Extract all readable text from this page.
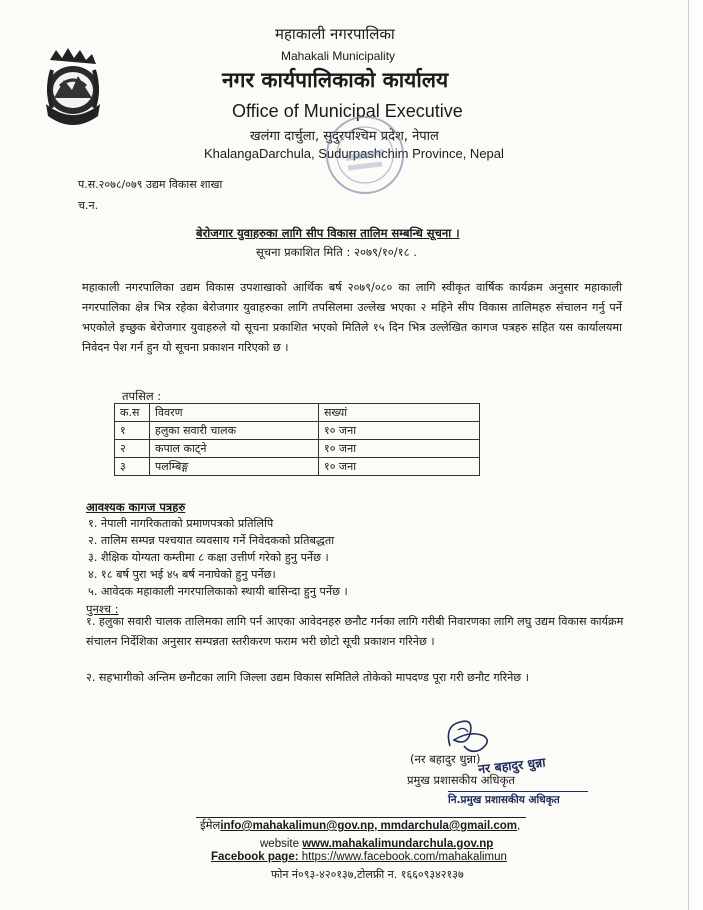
महाकाली नगरपालिका
Mahakali Municipality
नगर कार्यपालिकाको कार्यालय
Office of Municipal Executive
खलंगा दार्चुला, सुदुरपश्चिम प्रदेश, नेपाल
KhalangaDarchula, Sudurpashchim Province, Nepal
प.स.२०७८/०७९ उद्यम विकास शाखा
च.न.
बेरोजगार युवाहरुका लागि सीप विकास तालिम सम्बन्धि सूचना ।
सूचना प्रकाशित मिति : २०७९/१०/१८ .
महाकाली नगरपालिका उद्यम विकास उपशाखाको आर्थिक बर्ष २०७९/०८० का लागि स्वीकृत वार्षिक कार्यक्रम अनुसार महाकाली नगरपालिका क्षेत्र भित्र रहेका बेरोजगार युवाहरुका लागि तपसिलमा उल्लेख भएका २ महिने सीप विकास तालिमहरु संचालन गर्नु पर्ने भएकोले इच्छुक बेरोजगार युवाहरुले यो सूचना प्रकाशित भएको मितिले १५ दिन भित्र उल्लेखित कागज पत्रहरु सहित यस कार्यालयमा निवेदन पेश गर्न हुन यो सूचना प्रकाशन गरिएको छ ।
तपसिल :
क.स	विवरण	सख्यां
१	हलुका सवारी चालक	१० जना
२	कपाल काट्ने	१० जना
३	पलम्बिङ्ग	१० जना
आवश्यक कागज पत्रहरु
१. नेपाली नागरिकताको प्रमाणपत्रको प्रतिलिपि
२. तालिम सम्पन्न पश्चयात व्यवसाय गर्ने निवेदकको प्रतिबद्धता
३. शैक्षिक योग्यता कम्तीमा ८ कक्षा उत्तीर्ण गरेको हुनु पर्नेछ ।
४. १८ बर्ष पुरा भई ४५ बर्ष ननाघेको हुनु पर्नेछ।
५. आवेदक महाकाली नगरपालिकाको स्थायी बासिन्दा हुनु पर्नेछ ।
पुनश्च :
१. हलुका सवारी चालक तालिमका लागि पर्न आएका आवेदनहरु छनौट गर्नका लागि गरीबी निवारणका लागि लघु उद्यम विकास कार्यक्रम संचालन निर्देशिका अनुसार सम्पन्नता स्तरीकरण फराम भरी छोटो सूची प्रकाशन गरिनेछ ।
२. सहभागीको अन्तिम छनौटका लागि जिल्ला उद्यम विकास समितिले तोकेको मापदण्ड पूरा गरी छनौट गरिनेछ ।
(नर बहादुर धुन्ना)
प्रमुख प्रशासकीय अधिकृत
नर बहादुर धुन्ना
नि.प्रमुख प्रशासकीय अधिकृत
ईमेलinfo@mahakalimun@gov.np, mmdarchula@gmail.com,
website www.mahakalimundarchula.gov.np
Facebook page: https://www.facebook.com/mahakalimun
फोन नं०९३-४२०१३७,टोलफ्री न. १६६०९३४२१३७
